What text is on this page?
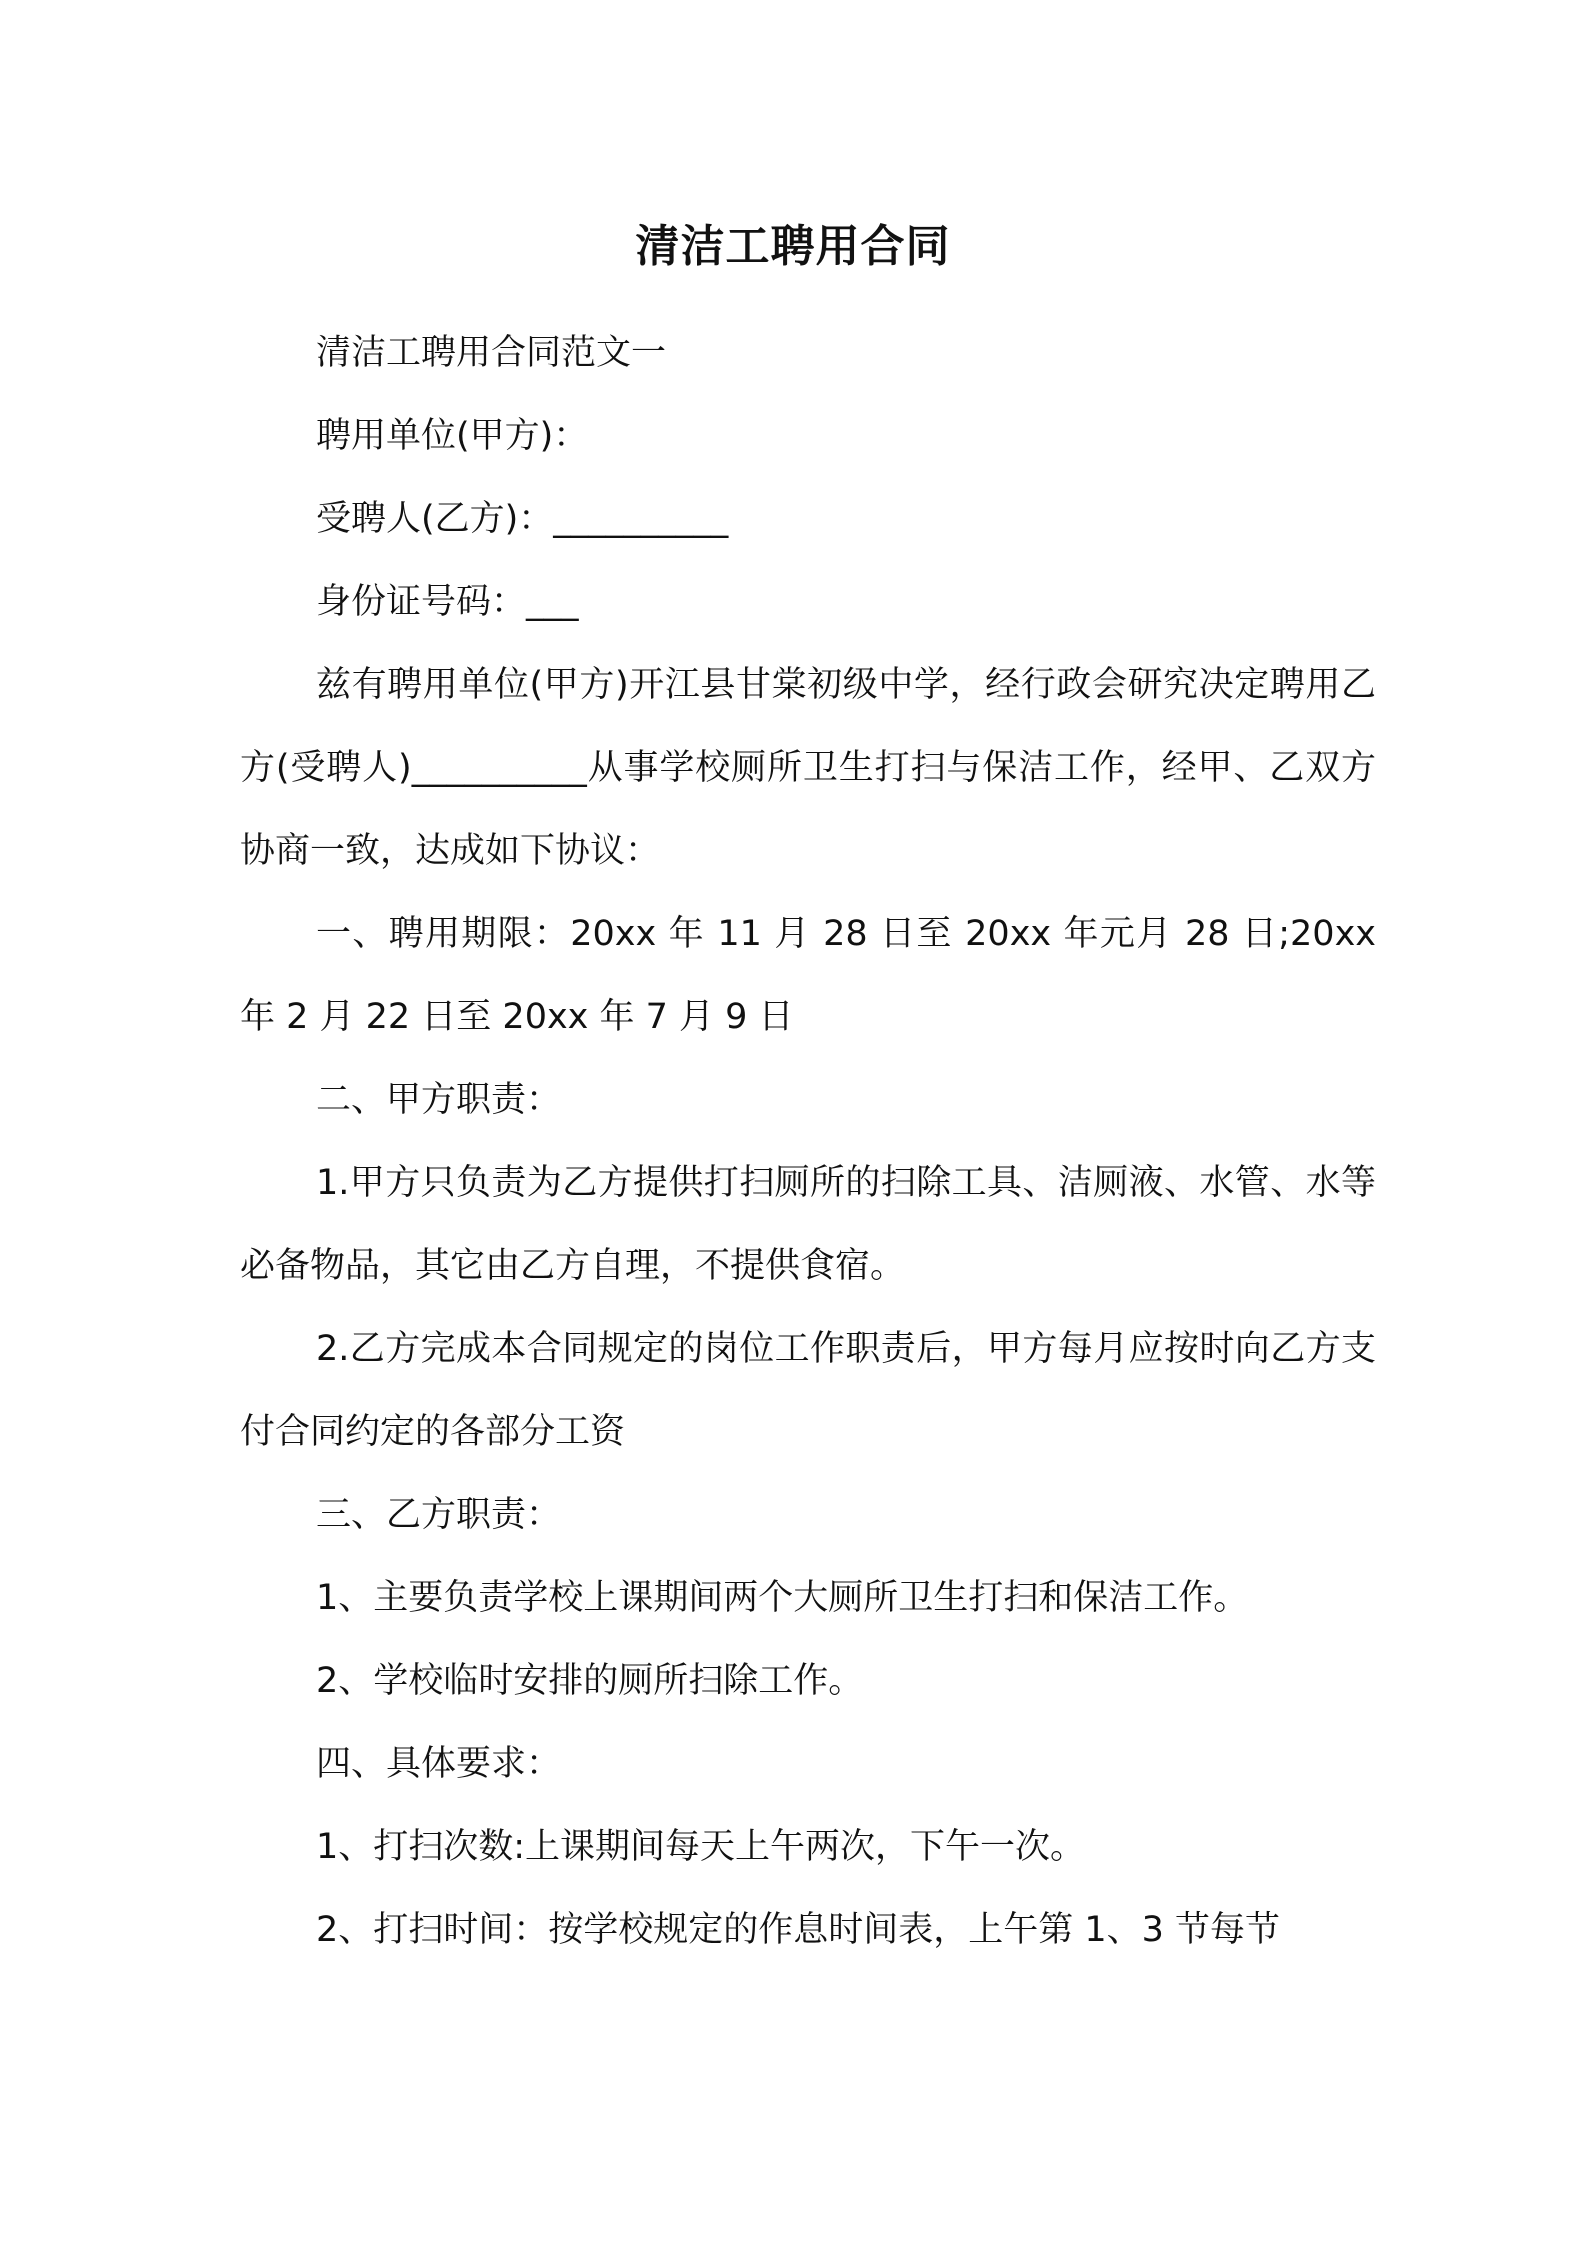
清洁工聘用合同

清洁工聘用合同范文一

聘用单位(甲方)：

受聘人(乙方)：__________

身份证号码：___

兹有聘用单位(甲方)开江县甘棠初级中学，经行政会研究决定聘用乙方(受聘人)__________从事学校厕所卫生打扫与保洁工作，经甲、乙双方协商一致，达成如下协议：

一、聘用期限：20xx 年 11 月 28 日至 20xx 年元月 28 日;20xx 年 2 月 22 日至 20xx 年 7 月 9 日

二、甲方职责：

1.甲方只负责为乙方提供打扫厕所的扫除工具、洁厕液、水管、水等必备物品，其它由乙方自理，不提供食宿。

2.乙方完成本合同规定的岗位工作职责后，甲方每月应按时向乙方支付合同约定的各部分工资

三、乙方职责：

1、主要负责学校上课期间两个大厕所卫生打扫和保洁工作。

2、学校临时安排的厕所扫除工作。

四、具体要求：

1、打扫次数:上课期间每天上午两次，下午一次。

2、打扫时间：按学校规定的作息时间表，上午第 1、3 节每节
